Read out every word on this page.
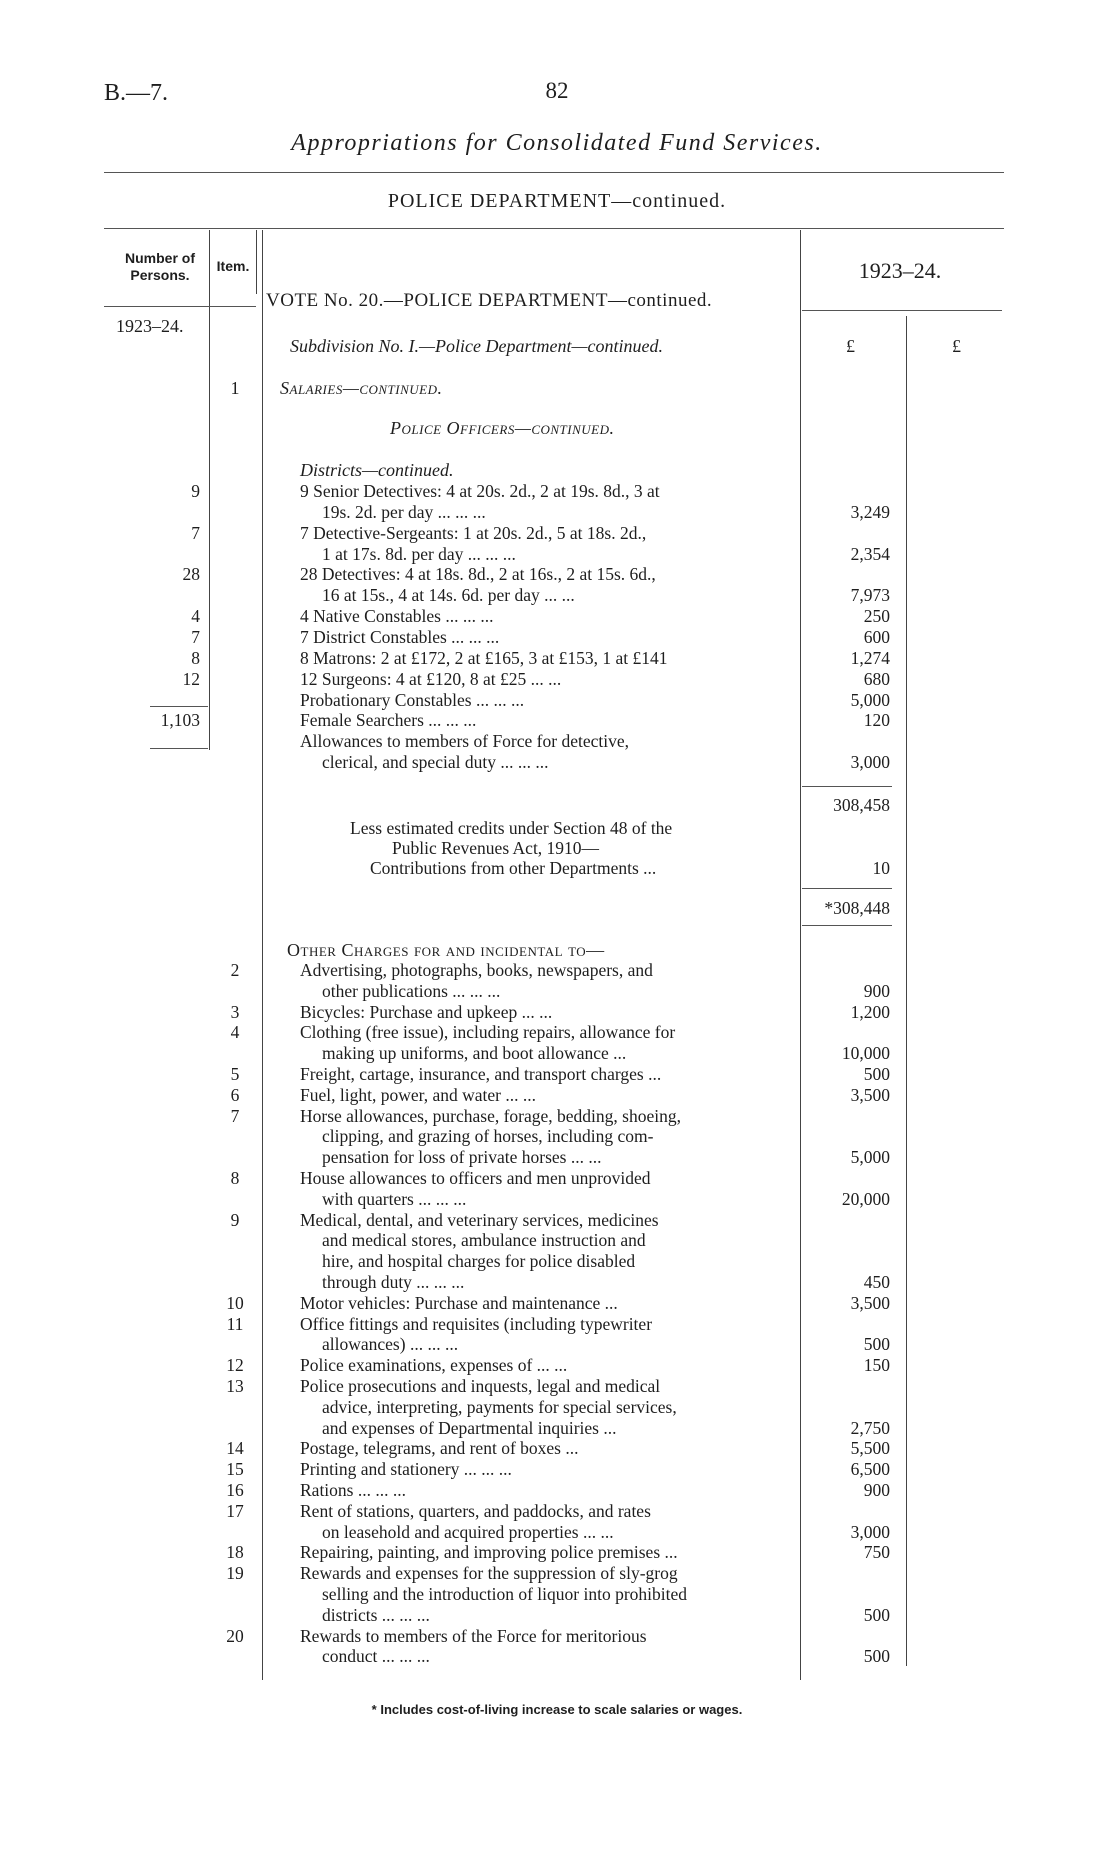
B.—7.	82
Appropriations for Consolidated Fund Services.
POLICE DEPARTMENT—continued.
Number of Persons.
Item.	1923–24.
VOTE No. 20.—POLICE DEPARTMENT—continued.
1923–24.
Subdivision No. I.—Police Department—continued.	£	£
1	Salaries—continued.
Police Officers—continued.
Districts—continued.
9	9 Senior Detectives: 4 at 20s. 2d., 2 at 19s. 8d., 3 at
19s. 2d. per day ... ... ...	3,249
7	7 Detective-Sergeants: 1 at 20s. 2d., 5 at 18s. 2d.,
1 at 17s. 8d. per day ... ... ...	2,354
28	28 Detectives: 4 at 18s. 8d., 2 at 16s., 2 at 15s. 6d.,
16 at 15s., 4 at 14s. 6d. per day ... ...	7,973
4	4 Native Constables ... ... ...	250
7	7 District Constables ... ... ...	600
8	8 Matrons: 2 at £172, 2 at £165, 3 at £153, 1 at £141	1,274
12	12 Surgeons: 4 at £120, 8 at £25 ... ...	680
Probationary Constables ... ... ...	5,000
1,103	Female Searchers ... ... ...	120
Allowances to members of Force for detective,
clerical, and special duty ... ... ...	3,000
308,458
Less estimated credits under Section 48 of the
Public Revenues Act, 1910—
Contributions from other Departments ...	10
*308,448
Other Charges for and incidental to—
2	Advertising, photographs, books, newspapers, and
other publications ... ... ...	900
3	Bicycles: Purchase and upkeep ... ...	1,200
4	Clothing (free issue), including repairs, allowance for
making up uniforms, and boot allowance ...	10,000
5	Freight, cartage, insurance, and transport charges ...	500
6	Fuel, light, power, and water ... ...	3,500
7	Horse allowances, purchase, forage, bedding, shoeing,
clipping, and grazing of horses, including com-
pensation for loss of private horses ... ...	5,000
8	House allowances to officers and men unprovided
with quarters ... ... ...	20,000
9	Medical, dental, and veterinary services, medicines
and medical stores, ambulance instruction and
hire, and hospital charges for police disabled
through duty ... ... ...	450
10	Motor vehicles: Purchase and maintenance ...	3,500
11	Office fittings and requisites (including typewriter
allowances) ... ... ...	500
12	Police examinations, expenses of ... ...	150
13	Police prosecutions and inquests, legal and medical
advice, interpreting, payments for special services,
and expenses of Departmental inquiries ...	2,750
14	Postage, telegrams, and rent of boxes ...	5,500
15	Printing and stationery ... ... ...	6,500
16	Rations ... ... ...	900
17	Rent of stations, quarters, and paddocks, and rates
on leasehold and acquired properties ... ...	3,000
18	Repairing, painting, and improving police premises ...	750
19	Rewards and expenses for the suppression of sly-grog
selling and the introduction of liquor into prohibited
districts ... ... ...	500
20	Rewards to members of the Force for meritorious
conduct ... ... ...	500
* Includes cost-of-living increase to scale salaries or wages.
